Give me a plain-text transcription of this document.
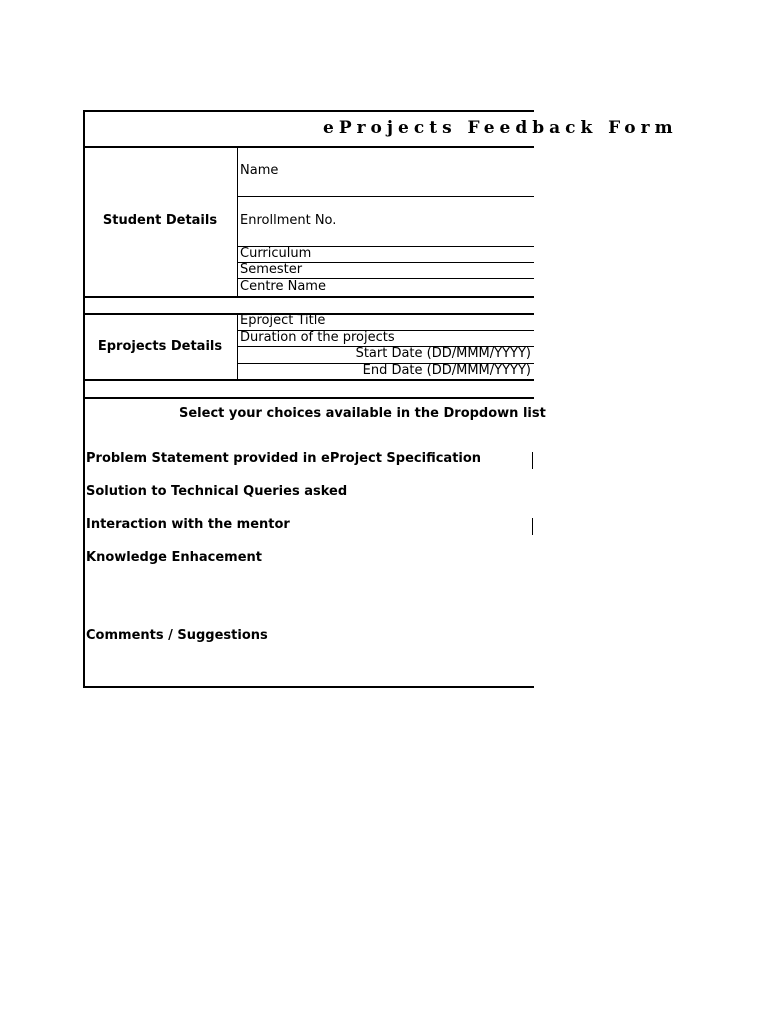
eProjects Feedback Form
Student Details
Name
Enrollment No.
Curriculum
Semester
Centre Name
Eprojects Details
Eproject Title
Duration of the projects
Start Date (DD/MMM/YYYY)
End Date (DD/MMM/YYYY)
Select your choices available in the Dropdown list
Problem Statement provided in eProject Specification
Solution to Technical Queries asked
Interaction with the mentor
Knowledge Enhacement
Comments / Suggestions
